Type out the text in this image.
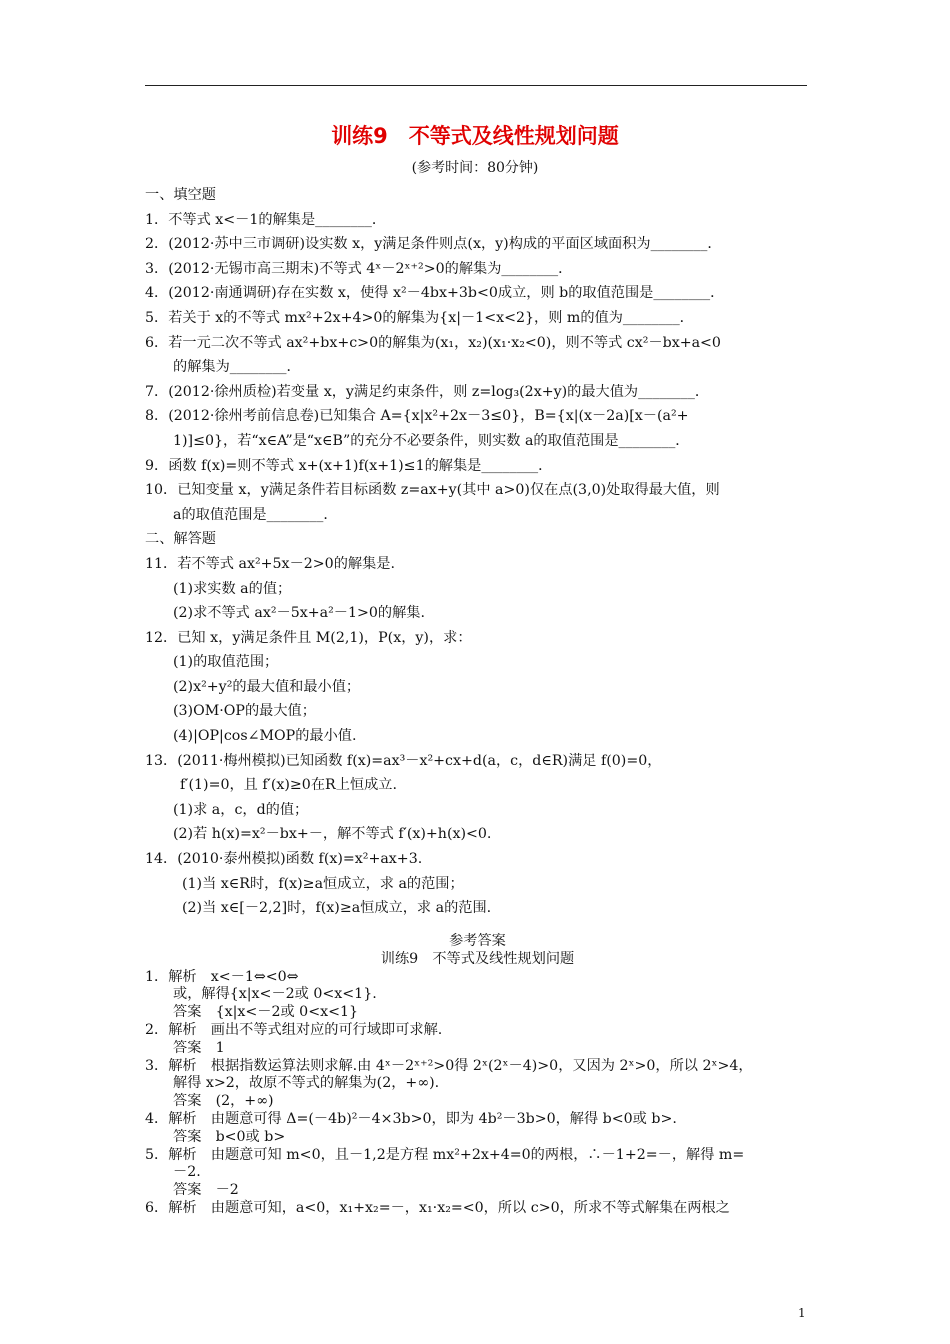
训练9　不等式及线性规划问题
(参考时间：80分钟)
一、填空题
1．不等式 x<－1的解集是________．
2．(2012·苏中三市调研)设实数 x，y满足条件则点(x，y)构成的平面区域面积为________．
3．(2012·无锡市高三期末)不等式 4ˣ－2ˣ⁺²>0的解集为________．
4．(2012·南通调研)存在实数 x，使得 x²－4bx+3b<0成立，则 b的取值范围是________．
5．若关于 x的不等式 mx²+2x+4>0的解集为{x|－1<x<2}，则 m的值为________．
6．若一元二次不等式 ax²+bx+c>0的解集为(x₁，x₂)(x₁·x₂<0)，则不等式 cx²－bx+a<0
的解集为________．
7．(2012·徐州质检)若变量 x，y满足约束条件，则 z=log₃(2x+y)的最大值为________．
8．(2012·徐州考前信息卷)已知集合 A={x|x²+2x－3≤0}，B={x|(x－2a)[x－(a²+
1)]≤0}，若“x∈A”是“x∈B”的充分不必要条件，则实数 a的取值范围是________．
9．函数 f(x)=则不等式 x+(x+1)f(x+1)≤1的解集是________．
10．已知变量 x，y满足条件若目标函数 z=ax+y(其中 a>0)仅在点(3,0)处取得最大值，则
a的取值范围是________．
二、解答题
11．若不等式 ax²+5x－2>0的解集是.
(1)求实数 a的值；
(2)求不等式 ax²－5x+a²－1>0的解集.
12．已知 x，y满足条件且 M(2,1)，P(x，y)，求：
(1)的取值范围；
(2)x²+y²的最大值和最小值；
(3)OM·OP的最大值；
(4)|OP|cos∠MOP的最小值.
13．(2011·梅州模拟)已知函数 f(x)=ax³－x²+cx+d(a，c，d∈R)满足 f(0)=0，
f′(1)=0，且 f′(x)≥0在R上恒成立.
(1)求 a，c，d的值；
(2)若 h(x)=x²－bx+－，解不等式 f′(x)+h(x)<0.
14．(2010·泰州模拟)函数 f(x)=x²+ax+3.
(1)当 x∈R时，f(x)≥a恒成立，求 a的范围；
(2)当 x∈[－2,2]时，f(x)≥a恒成立，求 a的范围.
参考答案
训练9　不等式及线性规划问题
1．解析　x<－1⇔<0⇔
或，解得{x|x<－2或 0<x<1}.
答案　{x|x<－2或 0<x<1}
2．解析　画出不等式组对应的可行域即可求解.
答案　1
3．解析　根据指数运算法则求解.由 4ˣ－2ˣ⁺²>0得 2ˣ(2ˣ－4)>0，又因为 2ˣ>0，所以 2ˣ>4，
解得 x>2，故原不等式的解集为(2，+∞).
答案　(2，+∞)
4．解析　由题意可得 Δ=(－4b)²－4×3b>0，即为 4b²－3b>0，解得 b<0或 b>.
答案　b<0或 b>
5．解析　由题意可知 m<0，且－1,2是方程 mx²+2x+4=0的两根，∴－1+2=－，解得 m=
－2.
答案　－2
6．解析　由题意可知，a<0，x₁+x₂=－，x₁·x₂=<0，所以 c>0，所求不等式解集在两根之
1
